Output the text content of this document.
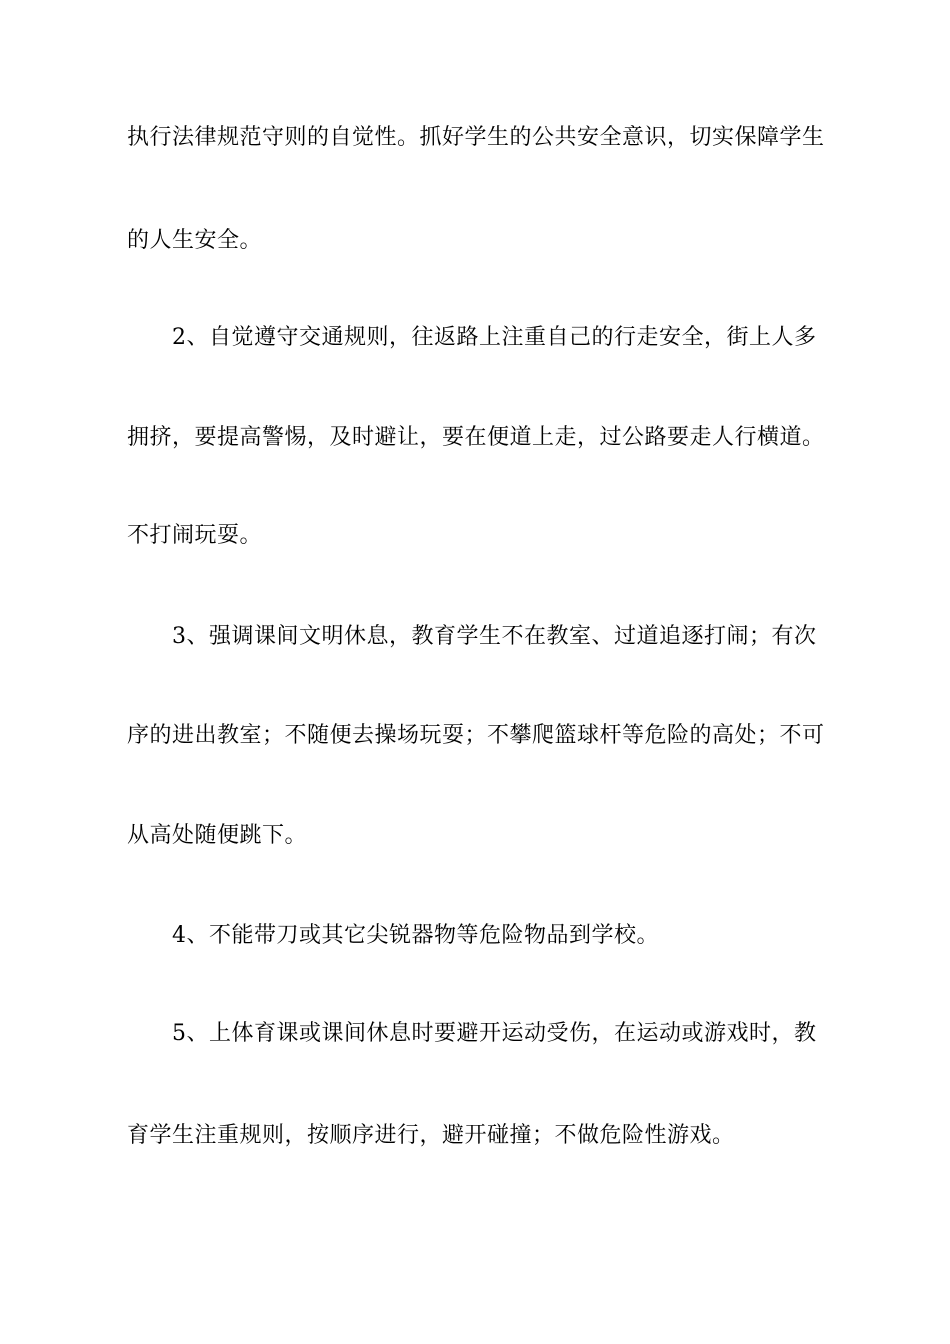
执行法律规范守则的自觉性。抓好学生的公共安全意识，切实保障学生
的人生安全。
2、自觉遵守交通规则，往返路上注重自己的行走安全，街上人多
拥挤，要提高警惕，及时避让，要在便道上走，过公路要走人行横道。
不打闹玩耍。
3、强调课间文明休息，教育学生不在教室、过道追逐打闹；有次
序的进出教室；不随便去操场玩耍；不攀爬篮球杆等危险的高处；不可
从高处随便跳下。
4、不能带刀或其它尖锐器物等危险物品到学校。
5、上体育课或课间休息时要避开运动受伤，在运动或游戏时，教
育学生注重规则，按顺序进行，避开碰撞；不做危险性游戏。
